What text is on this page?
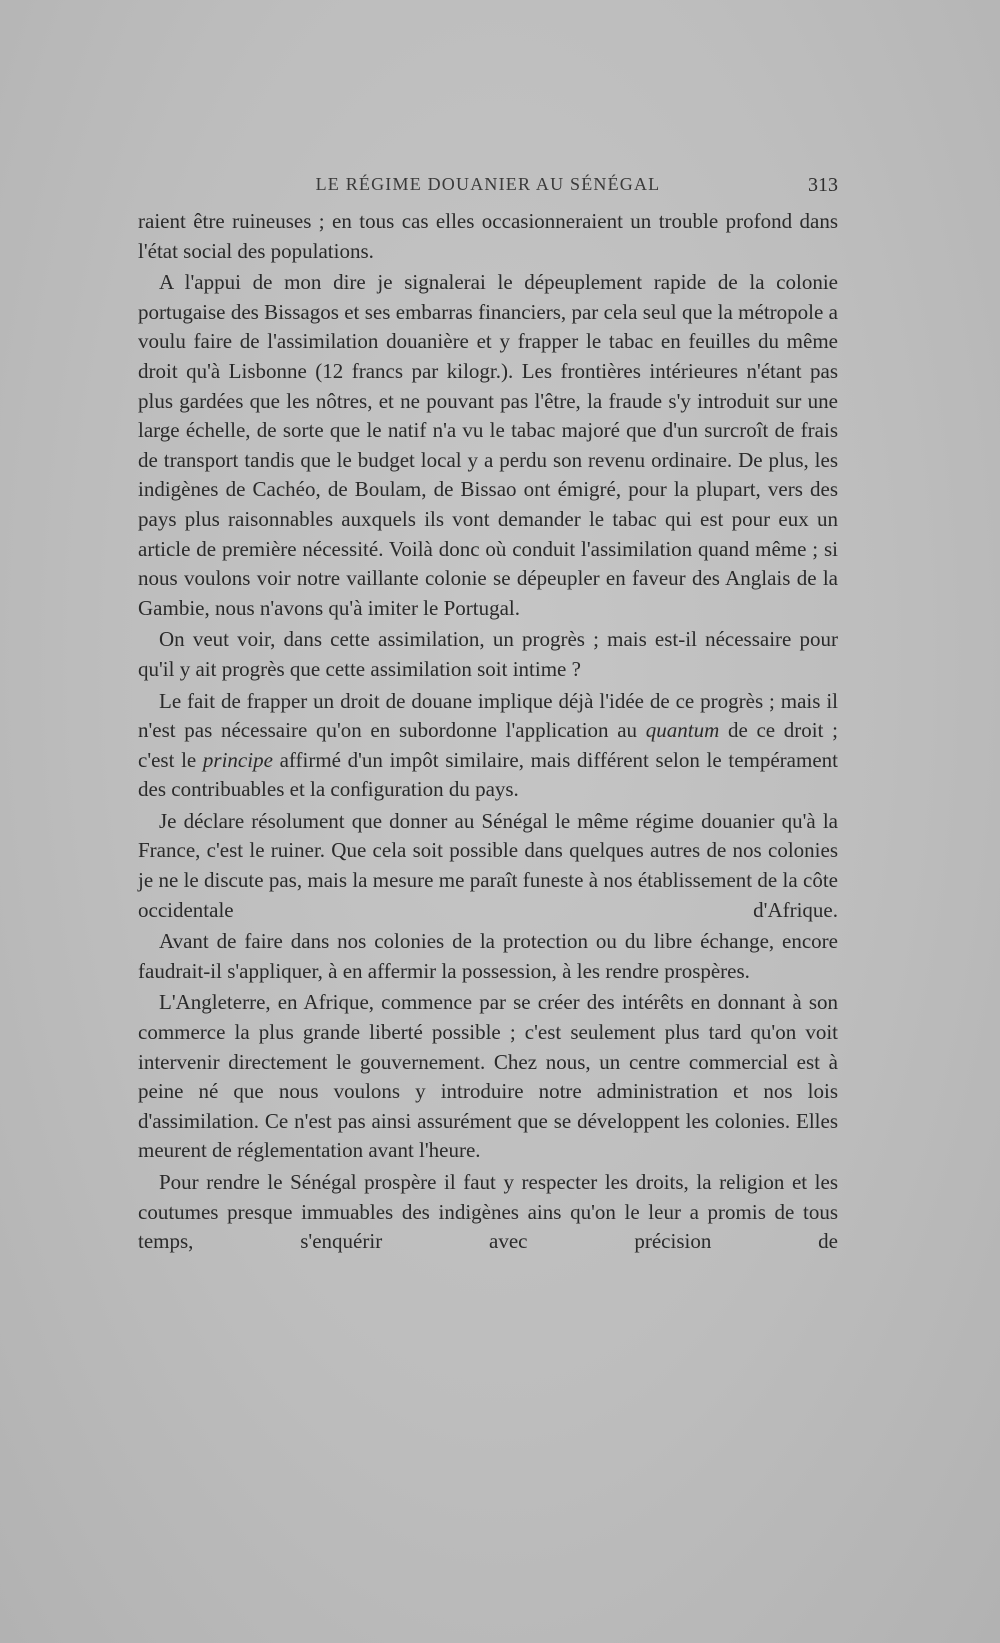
LE RÉGIME DOUANIER AU SÉNÉGAL	313

raient être ruineuses ; en tous cas elles occasionneraient un trouble profond dans l'état social des populations.

A l'appui de mon dire je signalerai le dépeuplement rapide de la colonie portugaise des Bissagos et ses embarras financiers, par cela seul que la métropole a voulu faire de l'assimilation douanière et y frapper le tabac en feuilles du même droit qu'à Lisbonne (12 francs par kilogr.). Les frontières intérieures n'étant pas plus gardées que les nôtres, et ne pouvant pas l'être, la fraude s'y introduit sur une large échelle, de sorte que le natif n'a vu le tabac majoré que d'un surcroît de frais de transport tandis que le budget local y a perdu son revenu ordinaire. De plus, les indigènes de Cachéo, de Boulam, de Bissao ont émigré, pour la plupart, vers des pays plus raisonnables auxquels ils vont demander le tabac qui est pour eux un article de première nécessité. Voilà donc où conduit l'assimilation quand même ; si nous voulons voir notre vaillante colonie se dépeupler en faveur des Anglais de la Gambie, nous n'avons qu'à imiter le Portugal.

On veut voir, dans cette assimilation, un progrès ; mais est-il nécessaire pour qu'il y ait progrès que cette assimilation soit intime ?

Le fait de frapper un droit de douane implique déjà l'idée de ce progrès ; mais il n'est pas nécessaire qu'on en subordonne l'application au quantum de ce droit ; c'est le principe affirmé d'un impôt similaire, mais différent selon le tempérament des contribuables et la configuration du pays.

Je déclare résolument que donner au Sénégal le même régime douanier qu'à la France, c'est le ruiner. Que cela soit possible dans quelques autres de nos colonies je ne le discute pas, mais la mesure me paraît funeste à nos établissement de la côte occidentale d'Afrique.

Avant de faire dans nos colonies de la protection ou du libre échange, encore faudrait-il s'appliquer, à en affermir la possession, à les rendre prospères.

L'Angleterre, en Afrique, commence par se créer des intérêts en donnant à son commerce la plus grande liberté possible ; c'est seulement plus tard qu'on voit intervenir directement le gouvernement. Chez nous, un centre commercial est à peine né que nous voulons y introduire notre administration et nos lois d'assimilation. Ce n'est pas ainsi assurément que se développent les colonies. Elles meurent de réglementation avant l'heure.

Pour rendre le Sénégal prospère il faut y respecter les droits, la religion et les coutumes presque immuables des indigènes ains qu'on le leur a promis de tous temps, s'enquérir avec précision de
